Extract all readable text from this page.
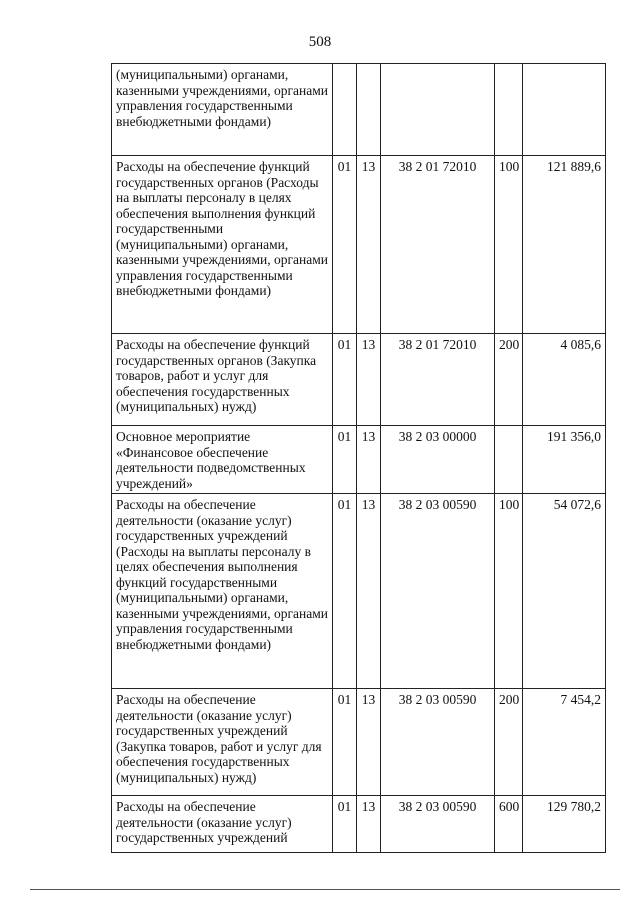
508
(муниципальными) органами, казенными учреждениями, органами управления государственными внебюджетными фондами)					
Расходы на обеспечение функций государственных органов (Расходы на выплаты персоналу в целях обеспечения выполнения функций государственными (муниципальными) органами, казенными учреждениями, органами управления государственными внебюджетными фондами)	01	13	38 2 01 72010	100	121 889,6
Расходы на обеспечение функций государственных органов (Закупка товаров, работ и услуг для обеспечения государственных (муниципальных) нужд)	01	13	38 2 01 72010	200	4 085,6
Основное мероприятие «Финансовое обеспечение деятельности подведомственных учреждений»	01	13	38 2 03 00000		191 356,0
Расходы на обеспечение деятельности (оказание услуг) государственных учреждений (Расходы на выплаты персоналу в целях обеспечения выполнения функций государственными (муниципальными) органами, казенными учреждениями, органами управления государственными внебюджетными фондами)	01	13	38 2 03 00590	100	54 072,6
Расходы на обеспечение деятельности (оказание услуг) государственных учреждений (Закупка товаров, работ и услуг для обеспечения государственных (муниципальных) нужд)	01	13	38 2 03 00590	200	7 454,2
Расходы на обеспечение деятельности (оказание услуг) государственных учреждений	01	13	38 2 03 00590	600	129 780,2
